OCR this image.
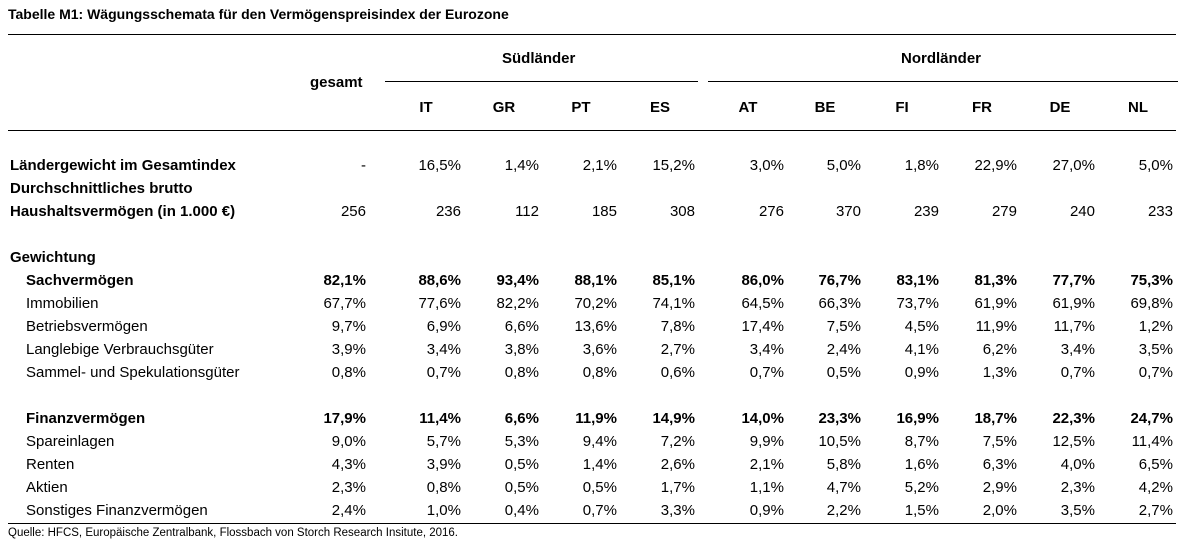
Tabelle M1: Wägungsschemata für den Vermögenspreisindex der Eurozone
gesamt
Südländer	Nordländer
IT	GR	PT	ES	AT	BE	FI	FR	DE	NL
Gewichtung
Ländergewicht im Gesamtindex	-	16,5%	1,4%	2,1%	15,2%	3,0%	5,0%	1,8%	22,9%	27,0%	5,0%
Durchschnittliches brutto
Haushaltsvermögen (in 1.000 €)	256	236	112	185	308	276	370	239	279	240	233
Sachvermögen	82,1%	88,6%	93,4%	88,1%	85,1%	86,0%	76,7%	83,1%	81,3%	77,7%	75,3%
Immobilien	67,7%	77,6%	82,2%	70,2%	74,1%	64,5%	66,3%	73,7%	61,9%	61,9%	69,8%
Betriebsvermögen	9,7%	6,9%	6,6%	13,6%	7,8%	17,4%	7,5%	4,5%	11,9%	11,7%	1,2%
Langlebige Verbrauchsgüter	3,9%	3,4%	3,8%	3,6%	2,7%	3,4%	2,4%	4,1%	6,2%	3,4%	3,5%
Sammel- und Spekulationsgüter	0,8%	0,7%	0,8%	0,8%	0,6%	0,7%	0,5%	0,9%	1,3%	0,7%	0,7%
Finanzvermögen	17,9%	11,4%	6,6%	11,9%	14,9%	14,0%	23,3%	16,9%	18,7%	22,3%	24,7%
Spareinlagen	9,0%	5,7%	5,3%	9,4%	7,2%	9,9%	10,5%	8,7%	7,5%	12,5%	11,4%
Renten	4,3%	3,9%	0,5%	1,4%	2,6%	2,1%	5,8%	1,6%	6,3%	4,0%	6,5%
Aktien	2,3%	0,8%	0,5%	0,5%	1,7%	1,1%	4,7%	5,2%	2,9%	2,3%	4,2%
Sonstiges Finanzvermögen	2,4%	1,0%	0,4%	0,7%	3,3%	0,9%	2,2%	1,5%	2,0%	3,5%	2,7%
Quelle: HFCS, Europäische Zentralbank, Flossbach von Storch Research Insitute, 2016.
